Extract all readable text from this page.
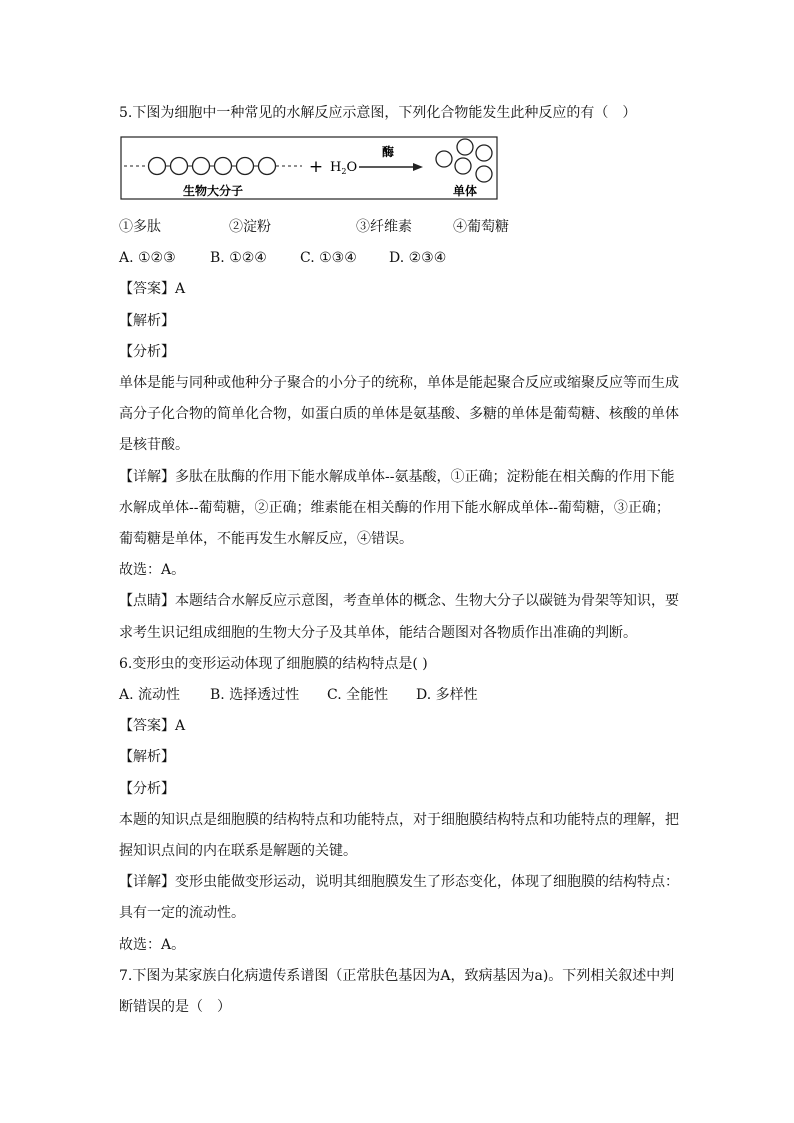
5.下图为细胞中一种常见的水解反应示意图，下列化合物能发生此种反应的有（　）
+ $H_2O$
酶
生物大分子	单体
①多肽	②淀粉	③纤维素	④葡萄糖
A. ①②③ B. ①②④ C. ①③④ D. ②③④
【答案】A
【解析】
【分析】
单体是能与同种或他种分子聚合的小分子的统称，单体是能起聚合反应或缩聚反应等而生成
高分子化合物的简单化合物，如蛋白质的单体是氨基酸、多糖的单体是葡萄糖、核酸的单体
是核苷酸。
【详解】多肽在肽酶的作用下能水解成单体--氨基酸，①正确；淀粉能在相关酶的作用下能
水解成单体--葡萄糖，②正确；维素能在相关酶的作用下能水解成单体--葡萄糖，③正确；
葡萄糖是单体，不能再发生水解反应，④错误。
故选：A。
【点睛】本题结合水解反应示意图，考查单体的概念、生物大分子以碳链为骨架等知识，要
求考生识记组成细胞的生物大分子及其单体，能结合题图对各物质作出准确的判断。
6.变形虫的变形运动体现了细胞膜的结构特点是( )
A. 流动性 B. 选择透过性 C. 全能性 D. 多样性
【答案】A
【解析】
【分析】
本题的知识点是细胞膜的结构特点和功能特点，对于细胞膜结构特点和功能特点的理解，把
握知识点间的内在联系是解题的关键。
【详解】变形虫能做变形运动，说明其细胞膜发生了形态变化，体现了细胞膜的结构特点：
具有一定的流动性。
故选：A。
7.下图为某家族白化病遗传系谱图（正常肤色基因为A，致病基因为a)。下列相关叙述中判
断错误的是（　）
